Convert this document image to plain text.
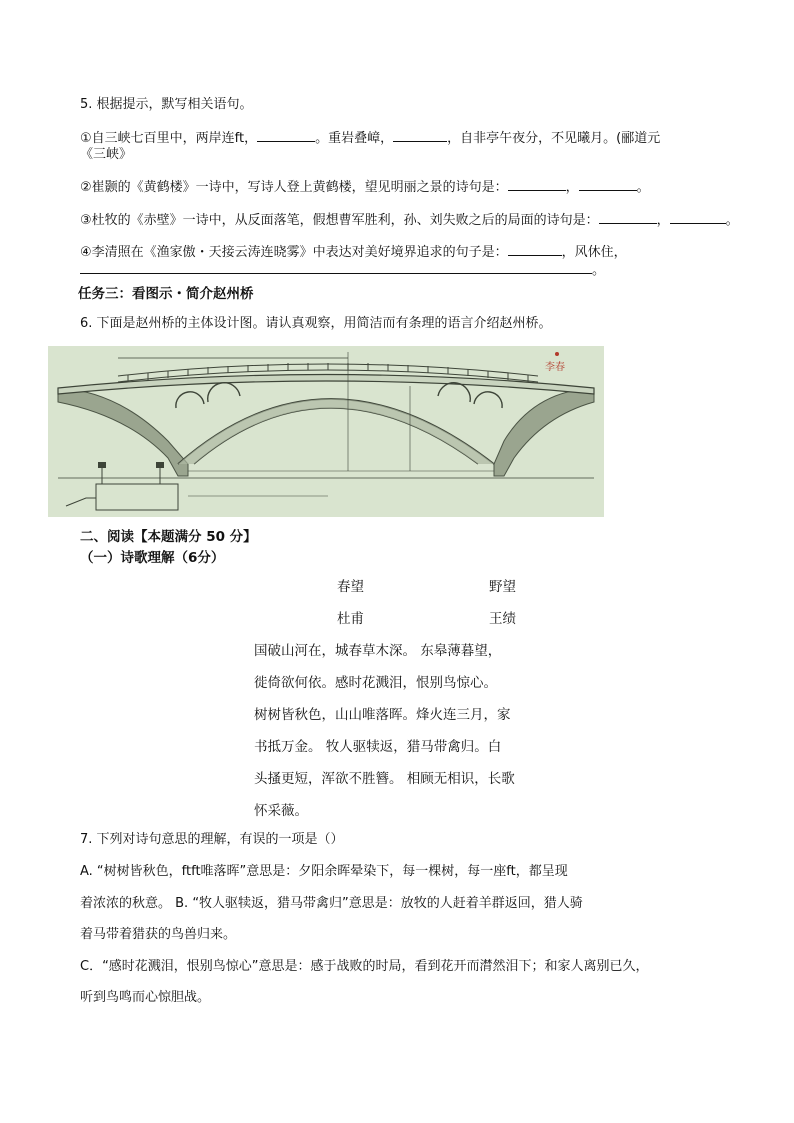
5. 根据提示，默写相关语句。
①自三峡七百里中，两岸连ft，	。重岩叠嶂，	，自非亭午夜分，不见曦月。(郦道元
《三峡》
②崔颢的《黄鹤楼》一诗中，写诗人登上黄鹤楼，望见明丽之景的诗句是：	，	。
③杜牧的《赤壁》一诗中，从反面落笔，假想曹军胜利，孙、刘失败之后的局面的诗句是：	，	。
④李清照在《渔家傲・天接云涛连晓雾》中表达对美好境界追求的句子是：	，风休住，
。
任务三：看图示・简介赵州桥
6. 下面是赵州桥的主体设计图。请认真观察，用简洁而有条理的语言介绍赵州桥。
李春
二、阅读【本题满分 50 分】
（一）诗歌理解（6分）
春望	野望
杜甫	王绩
国破山河在，城春草木深。 东皋薄暮望，
徙倚欲何依。感时花溅泪，恨别鸟惊心。
树树皆秋色，山山唯落晖。烽火连三月，家
书抵万金。 牧人驱犊返，猎马带禽归。白
头搔更短，浑欲不胜簪。 相顾无相识，长歌
怀采薇。
7. 下列对诗句意思的理解，有误的一项是（）
A. “树树皆秋色，ftft唯落晖”意思是：夕阳余晖晕染下，每一棵树，每一座ft，都呈现
着浓浓的秋意。 B. “牧人驱犊返，猎马带禽归”意思是：放牧的人赶着羊群返回，猎人骑
着马带着猎获的鸟兽归来。
C．“感时花溅泪，恨别鸟惊心”意思是：感于战败的时局，看到花开而潸然泪下；和家人离别已久，
听到鸟鸣而心惊胆战。
